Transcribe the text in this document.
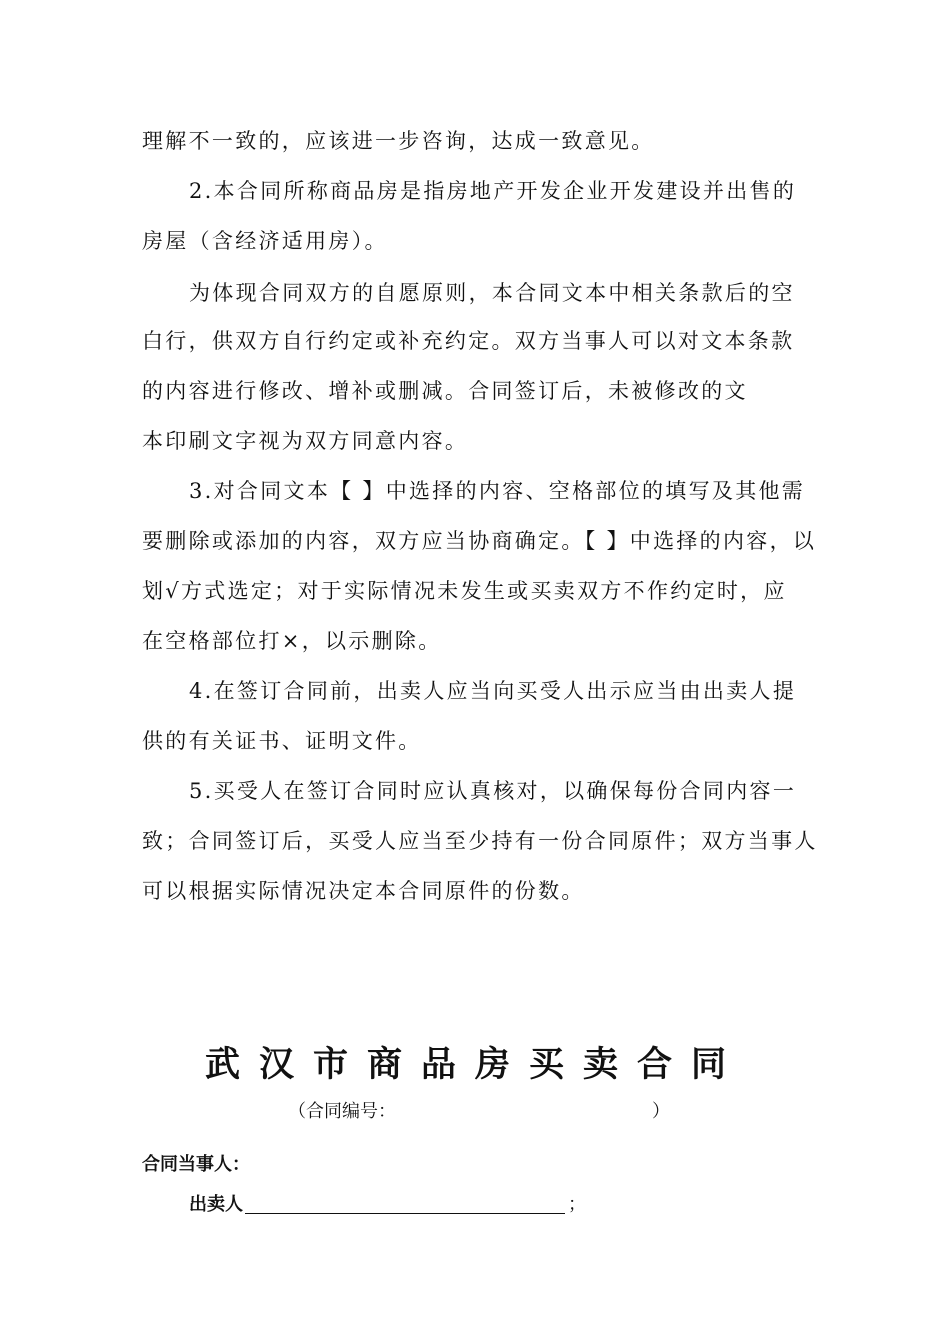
理解不一致的，应该进一步咨询，达成一致意见。
2.本合同所称商品房是指房地产开发企业开发建设并出售的
房屋（含经济适用房）。
为体现合同双方的自愿原则，本合同文本中相关条款后的空
白行，供双方自行约定或补充约定。双方当事人可以对文本条款
的内容进行修改、增补或删减。合同签订后，未被修改的文
本印刷文字视为双方同意内容。
3.对合同文本【 】中选择的内容、空格部位的填写及其他需
要删除或添加的内容，双方应当协商确定。【 】中选择的内容，以
划√方式选定；对于实际情况未发生或买卖双方不作约定时，应
在空格部位打×，以示删除。
4.在签订合同前，出卖人应当向买受人出示应当由出卖人提
供的有关证书、证明文件。
5.买受人在签订合同时应认真核对，以确保每份合同内容一
致；合同签订后，买受人应当至少持有一份合同原件；双方当事人
可以根据实际情况决定本合同原件的份数。
武汉市商品房买卖合同
（合同编号：	）
合同当事人：
出卖人	；
